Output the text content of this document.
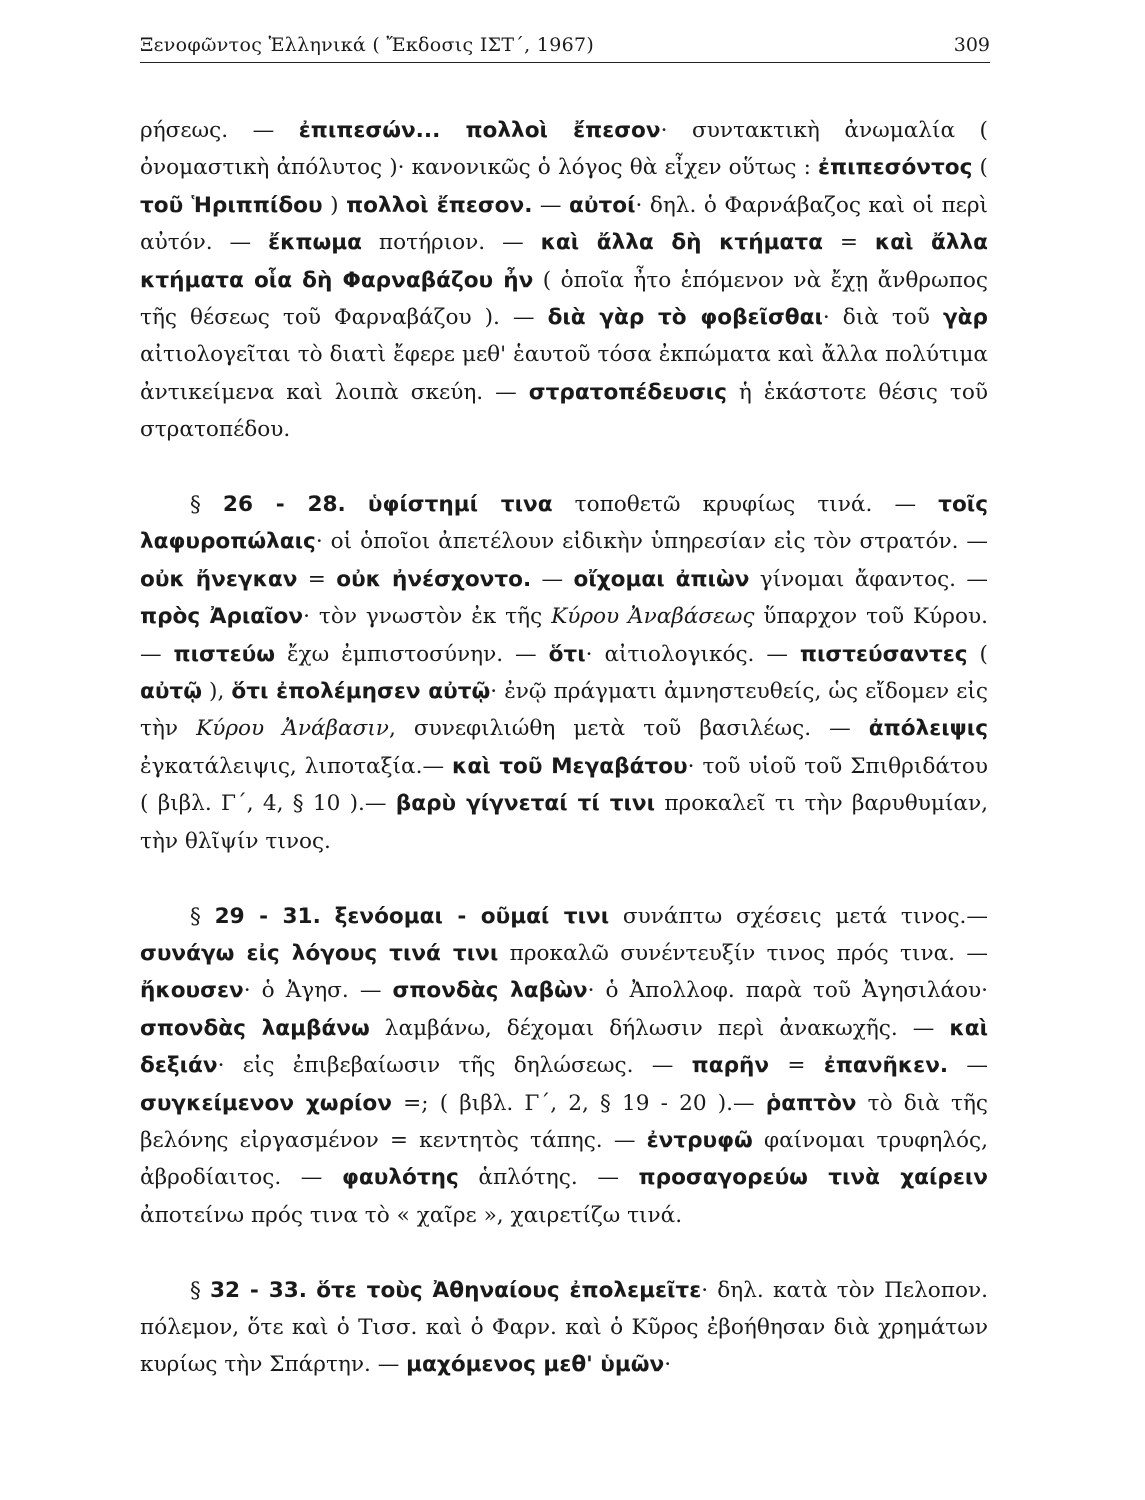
Ξενοφῶντος Ἑλληνικά ( Ἔκδοσις ΙΣΤ΄, 1967)	309

ρήσεως. — ἐπιπεσών... πολλοὶ ἔπεσον· συντακτικὴ ἀνωμαλία ( ὀνομαστικὴ ἀπόλυτος )· κανονικῶς ὁ λόγος θὰ εἶχεν οὕτως : ἐπιπεσόντος ( τοῦ Ἡριππίδου ) πολλοὶ ἔπεσον. — αὐτοί· δηλ. ὁ Φαρνάβαζος καὶ οἱ περὶ αὐτόν. — ἔκπωμα ποτήριον. — καὶ ἄλλα δὴ κτήματα = καὶ ἄλλα κτήματα οἷα δὴ Φαρναβάζου ἦν ( ὁποῖα ἦτο ἑπόμενον νὰ ἔχῃ ἄνθρωπος τῆς θέσεως τοῦ Φαρναβάζου ). — διὰ γὰρ τὸ φοβεῖσθαι· διὰ τοῦ γὰρ αἰτιολογεῖται τὸ διατὶ ἔφερε μεθ' ἑαυτοῦ τόσα ἐκπώματα καὶ ἄλλα πολύτιμα ἀντικείμενα καὶ λοιπὰ σκεύη. — στρατοπέδευσις ἡ ἑκάστοτε θέσις τοῦ στρατοπέδου.

§ 26 - 28. ὑφίστημί τινα τοποθετῶ κρυφίως τινά. — τοῖς λαφυροπώλαις· οἱ ὁποῖοι ἀπετέλουν εἰδικὴν ὑπηρεσίαν εἰς τὸν στρατόν. — οὐκ ἤνεγκαν = οὐκ ἠνέσχοντο. — οἴχομαι ἀπιὼν γίνομαι ἄφαντος. — πρὸς Ἀριαῖον· τὸν γνωστὸν ἐκ τῆς Κύρου Ἀναβάσεως ὕπαρχον τοῦ Κύρου. — πιστεύω ἔχω ἐμπιστοσύνην. — ὅτι· αἰτιολογικός. — πιστεύσαντες ( αὐτῷ ), ὅτι ἐπολέμησεν αὐτῷ· ἐνῷ πράγματι ἀμνηστευθείς, ὡς εἴδομεν εἰς τὴν Κύρου Ἀνάβασιν, συνεφιλιώθη μετὰ τοῦ βασιλέως. — ἀπόλειψις ἐγκατάλειψις, λιποταξία.— καὶ τοῦ Μεγαβάτου· τοῦ υἱοῦ τοῦ Σπιθριδάτου ( βιβλ. Γ΄, 4, § 10 ).— βαρὺ γίγνεταί τί τινι προκαλεῖ τι τὴν βαρυθυμίαν, τὴν θλῖψίν τινος.

§ 29 - 31. ξενόομαι - οῦμαί τινι συνάπτω σχέσεις μετά τινος.— συνάγω εἰς λόγους τινά τινι προκαλῶ συνέντευξίν τινος πρός τινα. — ἤκουσεν· ὁ Ἀγησ. — σπονδὰς λαβὼν· ὁ Ἀπολλοφ. παρὰ τοῦ Ἀγησιλάου· σπονδὰς λαμβάνω λαμβάνω, δέχομαι δήλωσιν περὶ ἀνακωχῆς. — καὶ δεξιάν· εἰς ἐπιβεβαίωσιν τῆς δηλώσεως. — παρῆν = ἐπανῆκεν. — συγκείμενον χωρίον =; ( βιβλ. Γ΄, 2, § 19 - 20 ).— ῥαπτὸν τὸ διὰ τῆς βελόνης εἰργασμένον = κεντητὸς τάπης. — ἐντρυφῶ φαίνομαι τρυφηλός, ἀβροδίαιτος. — φαυλότης ἁπλότης. — προσαγορεύω τινὰ χαίρειν ἀποτείνω πρός τινα τὸ « χαῖρε », χαιρετίζω τινά.

§ 32 - 33. ὅτε τοὺς Ἀθηναίους ἐπολεμεῖτε· δηλ. κατὰ τὸν Πελοπον. πόλεμον, ὅτε καὶ ὁ Τισσ. καὶ ὁ Φαρν. καὶ ὁ Κῦρος ἐβοήθησαν διὰ χρημάτων κυρίως τὴν Σπάρτην. — μαχόμενος μεθ' ὑμῶν·
